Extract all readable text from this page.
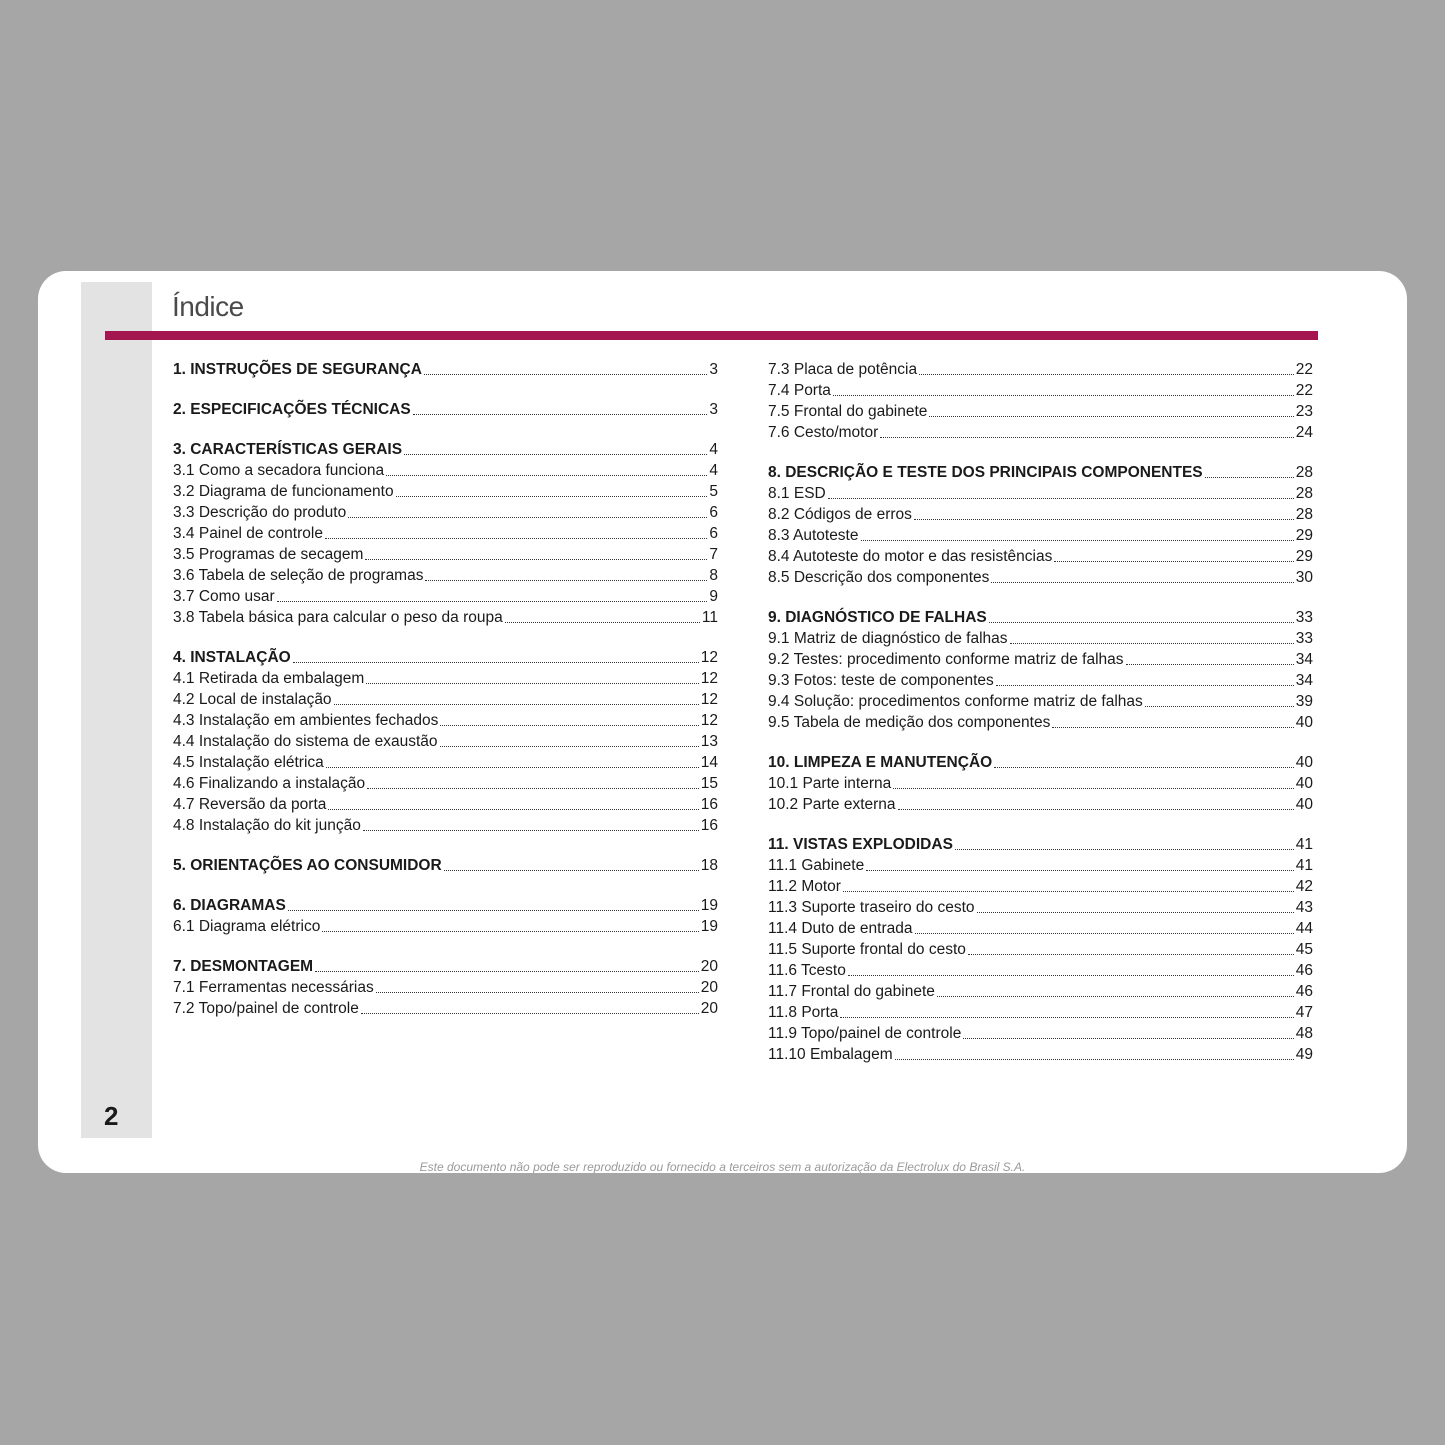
2
Índice
1. INSTRUÇÕES DE SEGURANÇA	3
2. ESPECIFICAÇÕES TÉCNICAS	3
3. CARACTERÍSTICAS GERAIS	4
3.1 Como a secadora funciona	4
3.2 Diagrama de funcionamento	5
3.3 Descrição do produto	6
3.4 Painel de controle	6
3.5 Programas de secagem	7
3.6 Tabela de seleção de programas	8
3.7 Como usar	9
3.8 Tabela básica para calcular o peso da roupa	11
4. INSTALAÇÃO	12
4.1 Retirada da embalagem	12
4.2 Local de instalação	12
4.3 Instalação em ambientes fechados	12
4.4 Instalação do sistema de exaustão	13
4.5 Instalação elétrica	14
4.6 Finalizando a instalação	15
4.7 Reversão da porta	16
4.8 Instalação do kit junção	16
5. ORIENTAÇÕES AO CONSUMIDOR	18
6. DIAGRAMAS	19
6.1 Diagrama elétrico	19
7. DESMONTAGEM	20
7.1 Ferramentas necessárias	20
7.2 Topo/painel de controle	20
7.3 Placa de potência	22
7.4 Porta	22
7.5 Frontal do gabinete	23
7.6 Cesto/motor	24
8. DESCRIÇÃO E TESTE DOS PRINCIPAIS COMPONENTES	28
8.1 ESD	28
8.2 Códigos de erros	28
8.3 Autoteste	29
8.4 Autoteste do motor e das resistências	29
8.5 Descrição dos componentes	30
9. DIAGNÓSTICO DE FALHAS	33
9.1 Matriz de diagnóstico de falhas	33
9.2 Testes: procedimento conforme matriz de falhas	34
9.3 Fotos: teste de componentes	34
9.4 Solução: procedimentos conforme matriz de falhas	39
9.5 Tabela de medição dos componentes	40
10. LIMPEZA E MANUTENÇÃO	40
10.1 Parte interna	40
10.2 Parte externa	40
11. VISTAS EXPLODIDAS	41
11.1 Gabinete	41
11.2 Motor	42
11.3 Suporte traseiro do cesto	43
11.4 Duto de entrada	44
11.5 Suporte frontal do cesto	45
11.6 Tcesto	46
11.7 Frontal do gabinete	46
11.8 Porta	47
11.9 Topo/painel de controle	48
11.10 Embalagem	49
Este documento não pode ser reproduzido ou fornecido a terceiros sem a autorização da Electrolux do Brasil S.A.
